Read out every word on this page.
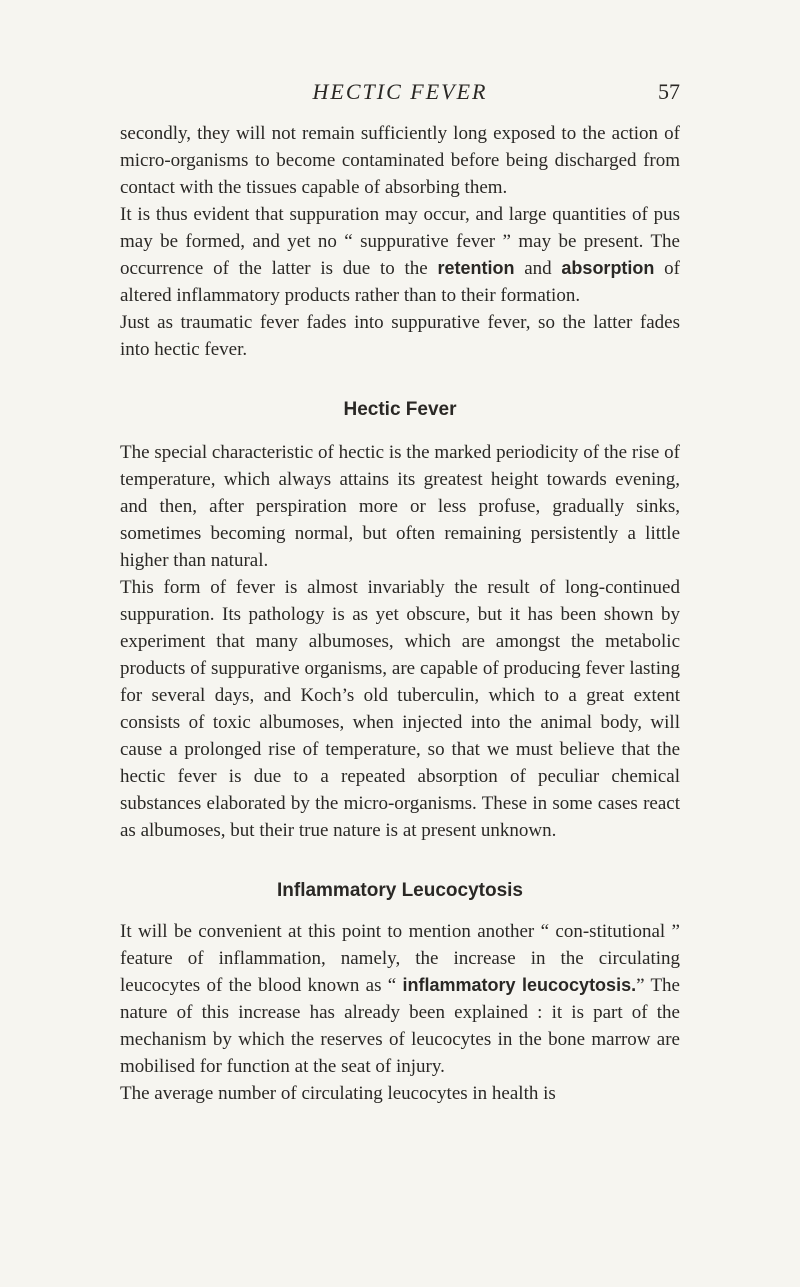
HECTIC FEVER	57

secondly, they will not remain sufficiently long exposed to the action of micro-organisms to become contaminated before being discharged from contact with the tissues capable of absorbing them.

It is thus evident that suppuration may occur, and large quantities of pus may be formed, and yet no “ suppurative fever ” may be present. The occurrence of the latter is due to the retention and absorption of altered inflammatory products rather than to their formation.

Just as traumatic fever fades into suppurative fever, so the latter fades into hectic fever.

Hectic Fever

The special characteristic of hectic is the marked periodicity of the rise of temperature, which always attains its greatest height towards evening, and then, after perspiration more or less profuse, gradually sinks, sometimes becoming normal, but often remaining persistently a little higher than natural.

This form of fever is almost invariably the result of long-continued suppuration. Its pathology is as yet obscure, but it has been shown by experiment that many albumoses, which are amongst the metabolic products of suppurative organisms, are capable of producing fever lasting for several days, and Koch’s old tuberculin, which to a great extent consists of toxic albumoses, when injected into the animal body, will cause a prolonged rise of temperature, so that we must believe that the hectic fever is due to a repeated absorption of peculiar chemical substances elaborated by the micro-organisms. These in some cases react as albumoses, but their true nature is at present unknown.

Inflammatory Leucocytosis

It will be convenient at this point to mention another “ con-stitutional ” feature of inflammation, namely, the increase in the circulating leucocytes of the blood known as “ inflammatory leucocytosis.” The nature of this increase has already been explained : it is part of the mechanism by which the reserves of leucocytes in the bone marrow are mobilised for function at the seat of injury.

The average number of circulating leucocytes in health is
